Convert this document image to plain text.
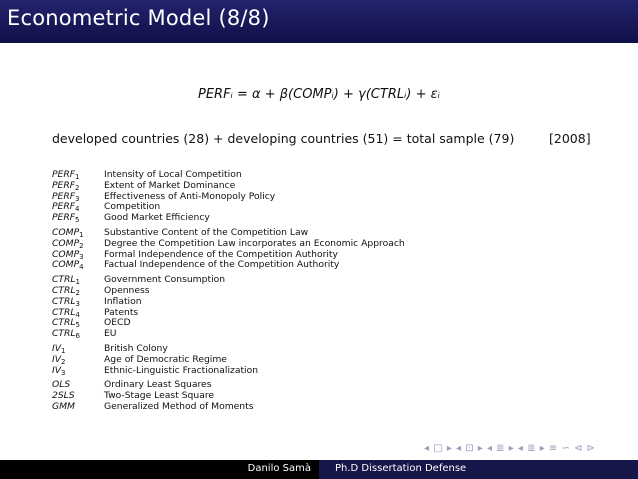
Econometric Model (8/8)
PERFᵢ = α + β(COMPᵢ) + γ(CTRLᵢ) + εᵢ
developed countries (28) + developing countries (51) = total sample (79)	[2008]
$PERF_1$	Intensity of Local Competition
$PERF_2$	Extent of Market Dominance
$PERF_3$	Effectiveness of Anti-Monopoly Policy
$PERF_4$	Competition
$PERF_5$	Good Market Efficiency
$COMP_1$ Substantive Content of the Competition Law
$COMP_2$ Degree the Competition Law incorporates an Economic Approach
$COMP_3$ Formal Independence of the Competition Authority
$COMP_4$ Factual Independence of the Competition Authority
$CTRL_1$	Government Consumption
$CTRL_2$	Openness
$CTRL_3$	Inflation
$CTRL_4$	Patents
$CTRL_5$	OECD
$CTRL_6$	EU
$IV_1$	British Colony
$IV_2$	Age of Democratic Regime
$IV_3$	Ethnic-Linguistic Fractionalization
OLS	Ordinary Least Squares
2SLS	Two-Stage Least Square
GMM	Generalized Method of Moments
◂ □ ▸ ◂ ⊡ ▸ ◂ ≣ ▸ ◂ ≣ ▸ ≡ ∽ ⊲ ⊳
Danilo Samà Ph.D Dissertation Defense
